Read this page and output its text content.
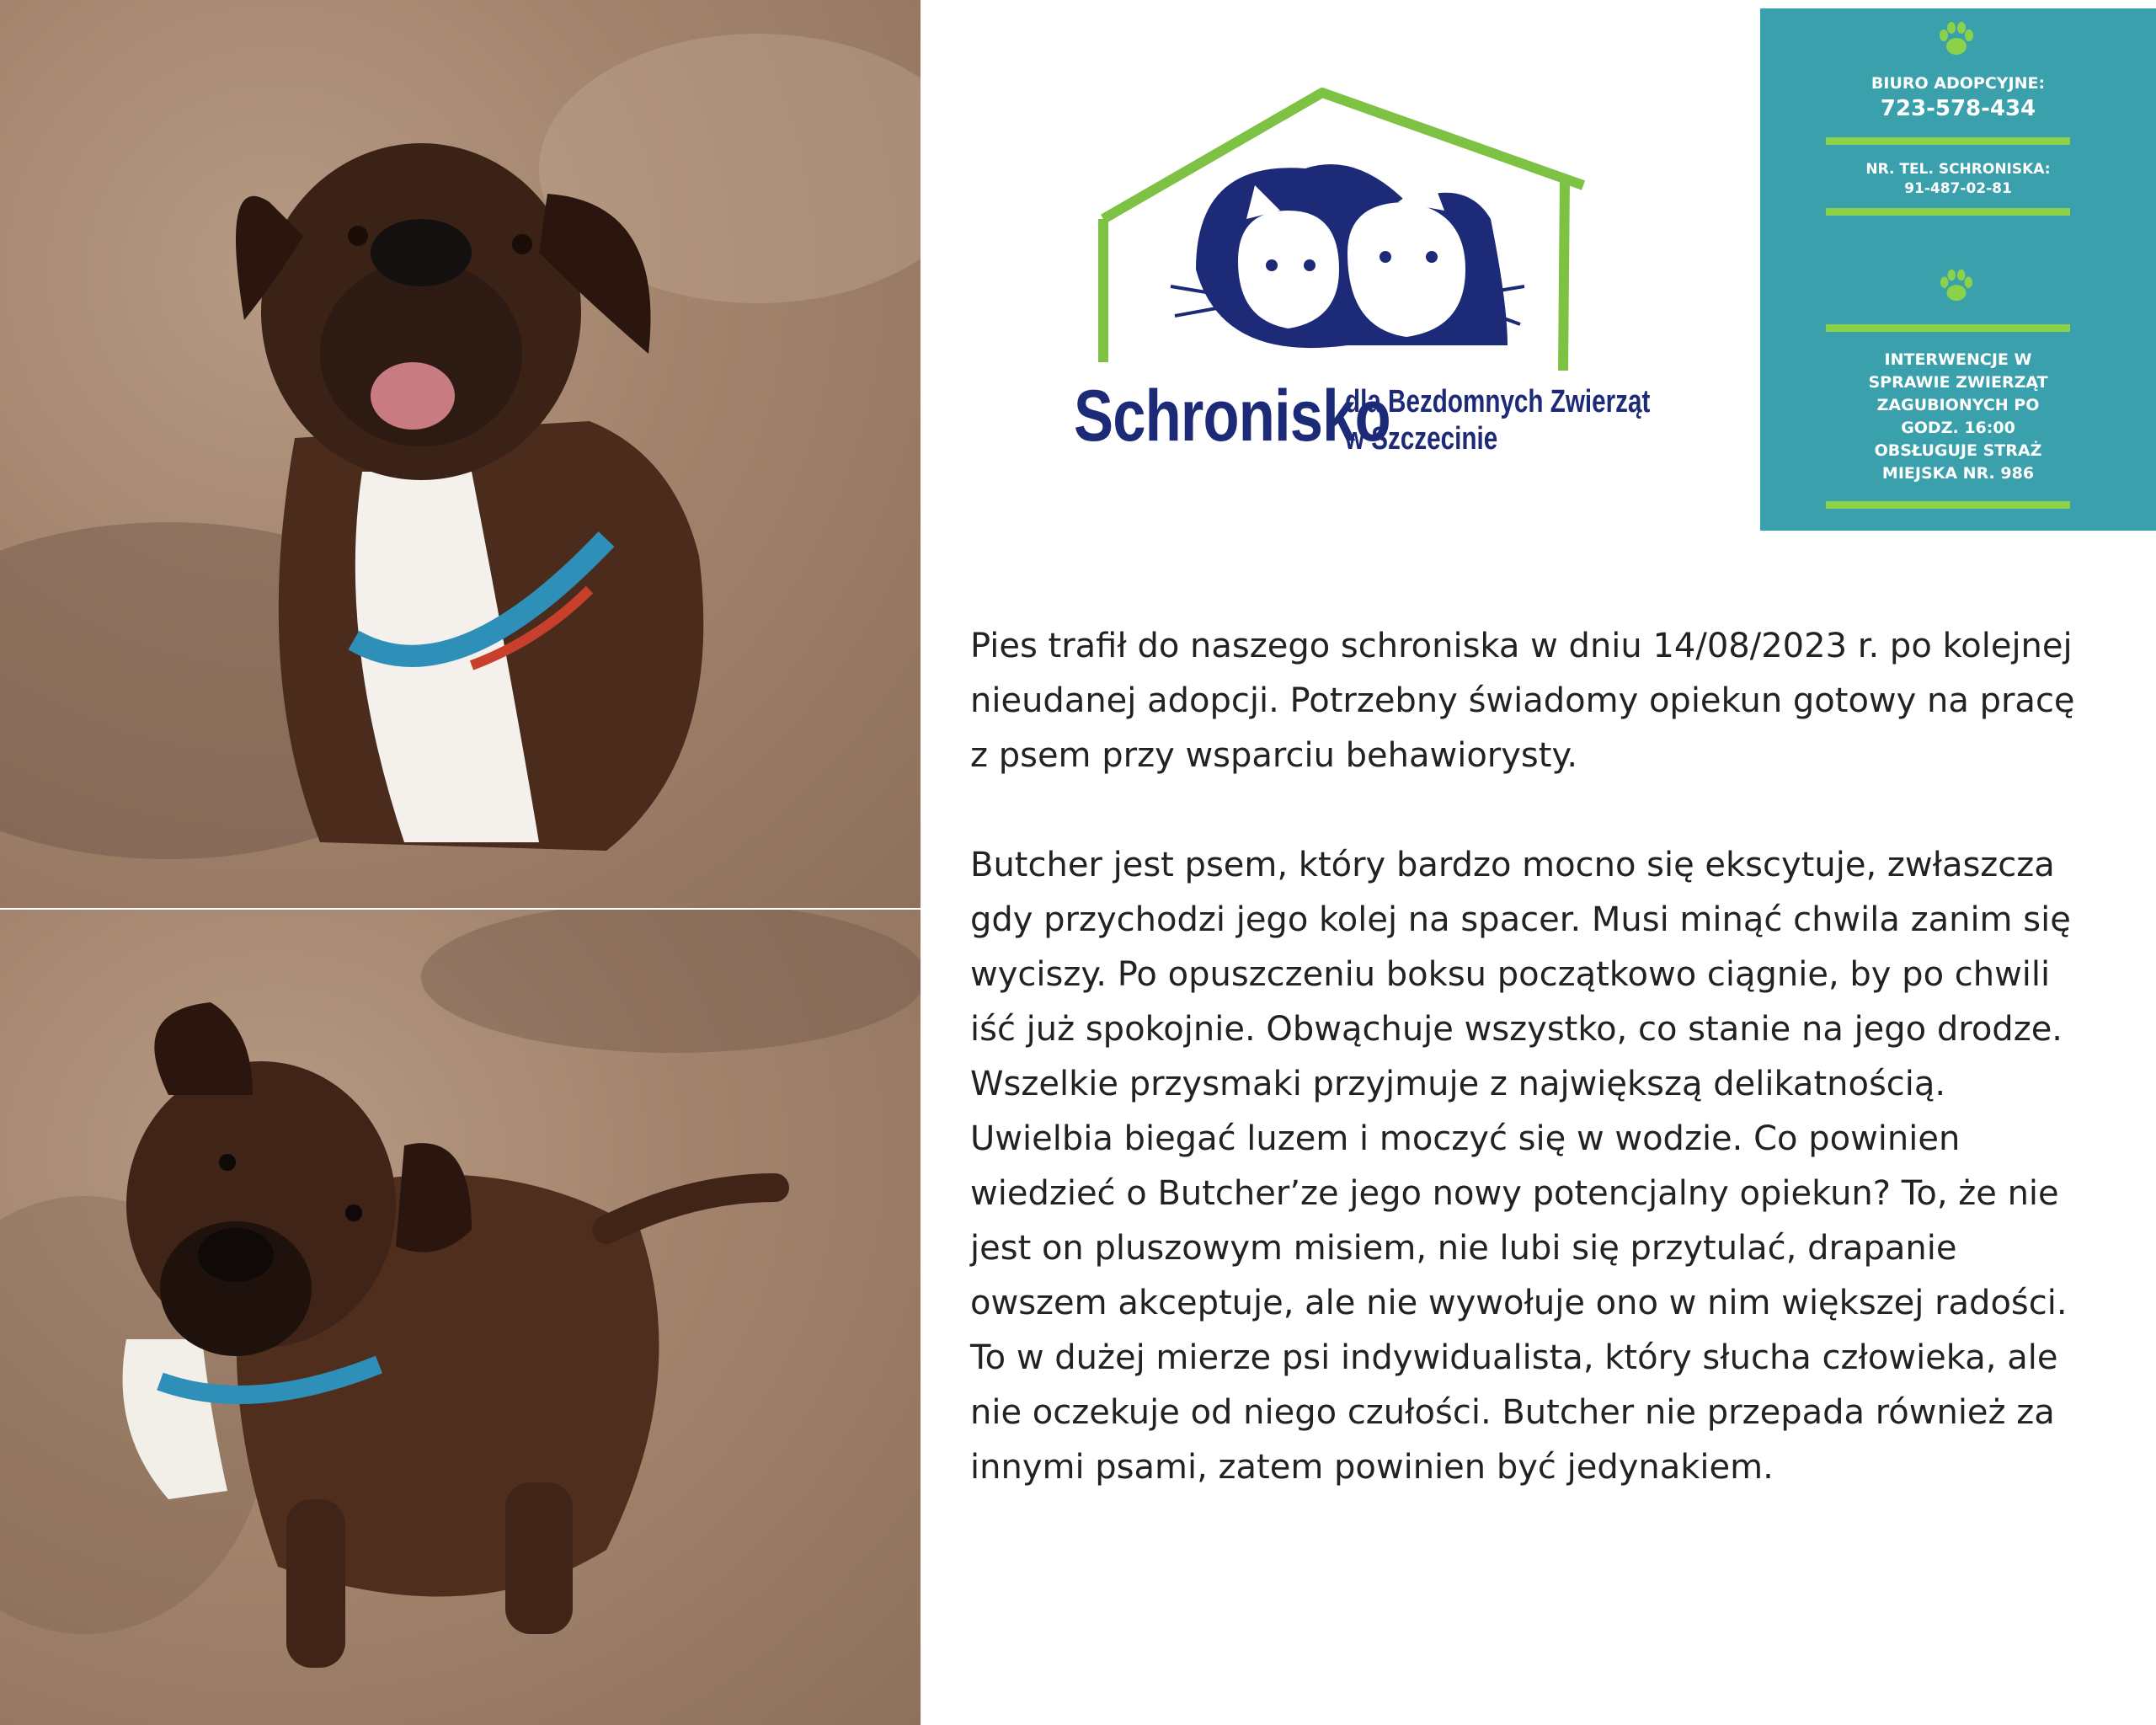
Schronisko
dla Bezdomnych Zwierząt
w Szczecinie
BIURO ADOPCYJNE:
723-578-434
NR. TEL. SCHRONISKA:
91-487-02-81
INTERWENCJE W
SPRAWIE ZWIERZĄT
ZAGUBIONYCH PO
GODZ. 16:00
OBSŁUGUJE STRAŻ
MIEJSKA NR. 986

Pies trafił do naszego schroniska w dniu 14/08/2023 r. po kolejnej nieudanej adopcji. Potrzebny świadomy opiekun gotowy na pracę z psem przy wsparciu behawiorysty.

Butcher jest psem, który bardzo mocno się ekscytuje, zwłaszcza gdy przychodzi jego kolej na spacer. Musi minąć chwila zanim się wyciszy. Po opuszczeniu boksu początkowo ciągnie, by po chwili iść już spokojnie. Obwąchuje wszystko, co stanie na jego drodze. Wszelkie przysmaki przyjmuje z największą delikatnością. Uwielbia biegać luzem i moczyć się w wodzie. Co powinien wiedzieć o Butcher’ze jego nowy potencjalny opiekun? To, że nie jest on pluszowym misiem, nie lubi się przytulać, drapanie owszem akceptuje, ale nie wywołuje ono w nim większej radości. To w dużej mierze psi indywidualista, który słucha człowieka, ale nie oczekuje od niego czułości. Butcher nie przepada również za innymi psami, zatem powinien być jedynakiem.
